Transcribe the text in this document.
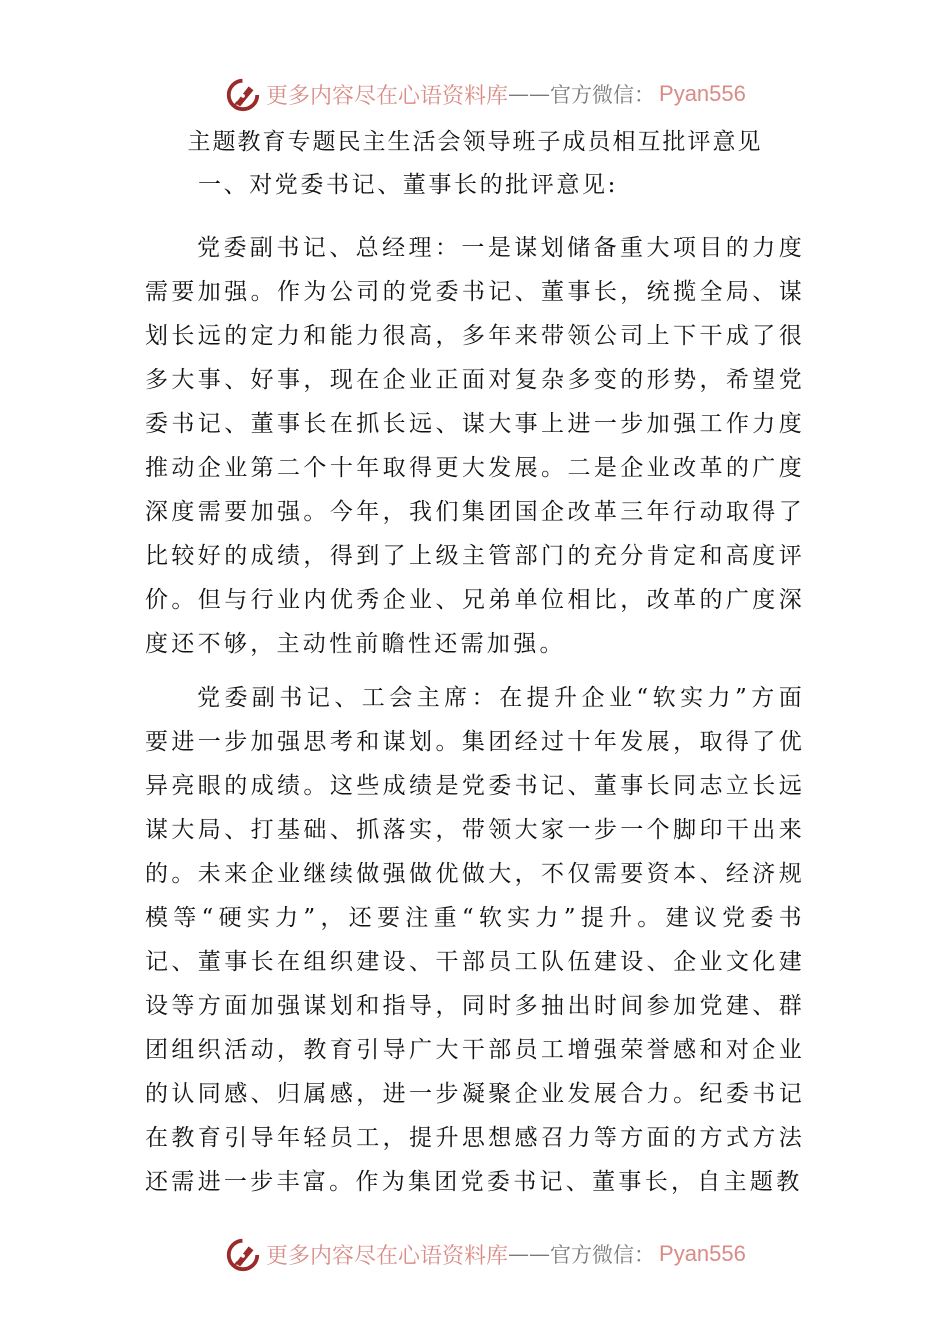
更多内容尽在心语资料库 —— 官方微信： Pyan556
主题教育专题民主生活会领导班子成员相互批评意见
一、对党委书记、董事长的批评意见:

党委副书记、总经理：一是谋划储备重大项目的力度需要加强。作为公司的党委书记、董事长，统揽全局、谋划长远的定力和能力很高，多年来带领公司上下干成了很多大事、好事，现在企业正面对复杂多变的形势，希望党委书记、董事长在抓长远、谋大事上进一步加强工作力度推动企业第二个十年取得更大发展。二是企业改革的广度深度需要加强。今年，我们集团国企改革三年行动取得了比较好的成绩，得到了上级主管部门的充分肯定和高度评价。但与行业内优秀企业、兄弟单位相比，改革的广度深度还不够，主动性前瞻性还需加强。

党委副书记、工会主席：在提升企业“软实力”方面要进一步加强思考和谋划。集团经过十年发展，取得了优异亮眼的成绩。这些成绩是党委书记、董事长同志立长远谋大局、打基础、抓落实，带领大家一步一个脚印干出来的。未来企业继续做强做优做大，不仅需要资本、经济规模等“硬实力”，还要注重“软实力”提升。建议党委书记、董事长在组织建设、干部员工队伍建设、企业文化建设等方面加强谋划和指导，同时多抽出时间参加党建、群团组织活动，教育引导广大干部员工增强荣誉感和对企业的认同感、归属感，进一步凝聚企业发展合力。纪委书记在教育引导年轻员工，提升思想感召力等方面的方式方法还需进一步丰富。作为集团党委书记、董事长，自主题教

更多内容尽在心语资料库 —— 官方微信： Pyan556
